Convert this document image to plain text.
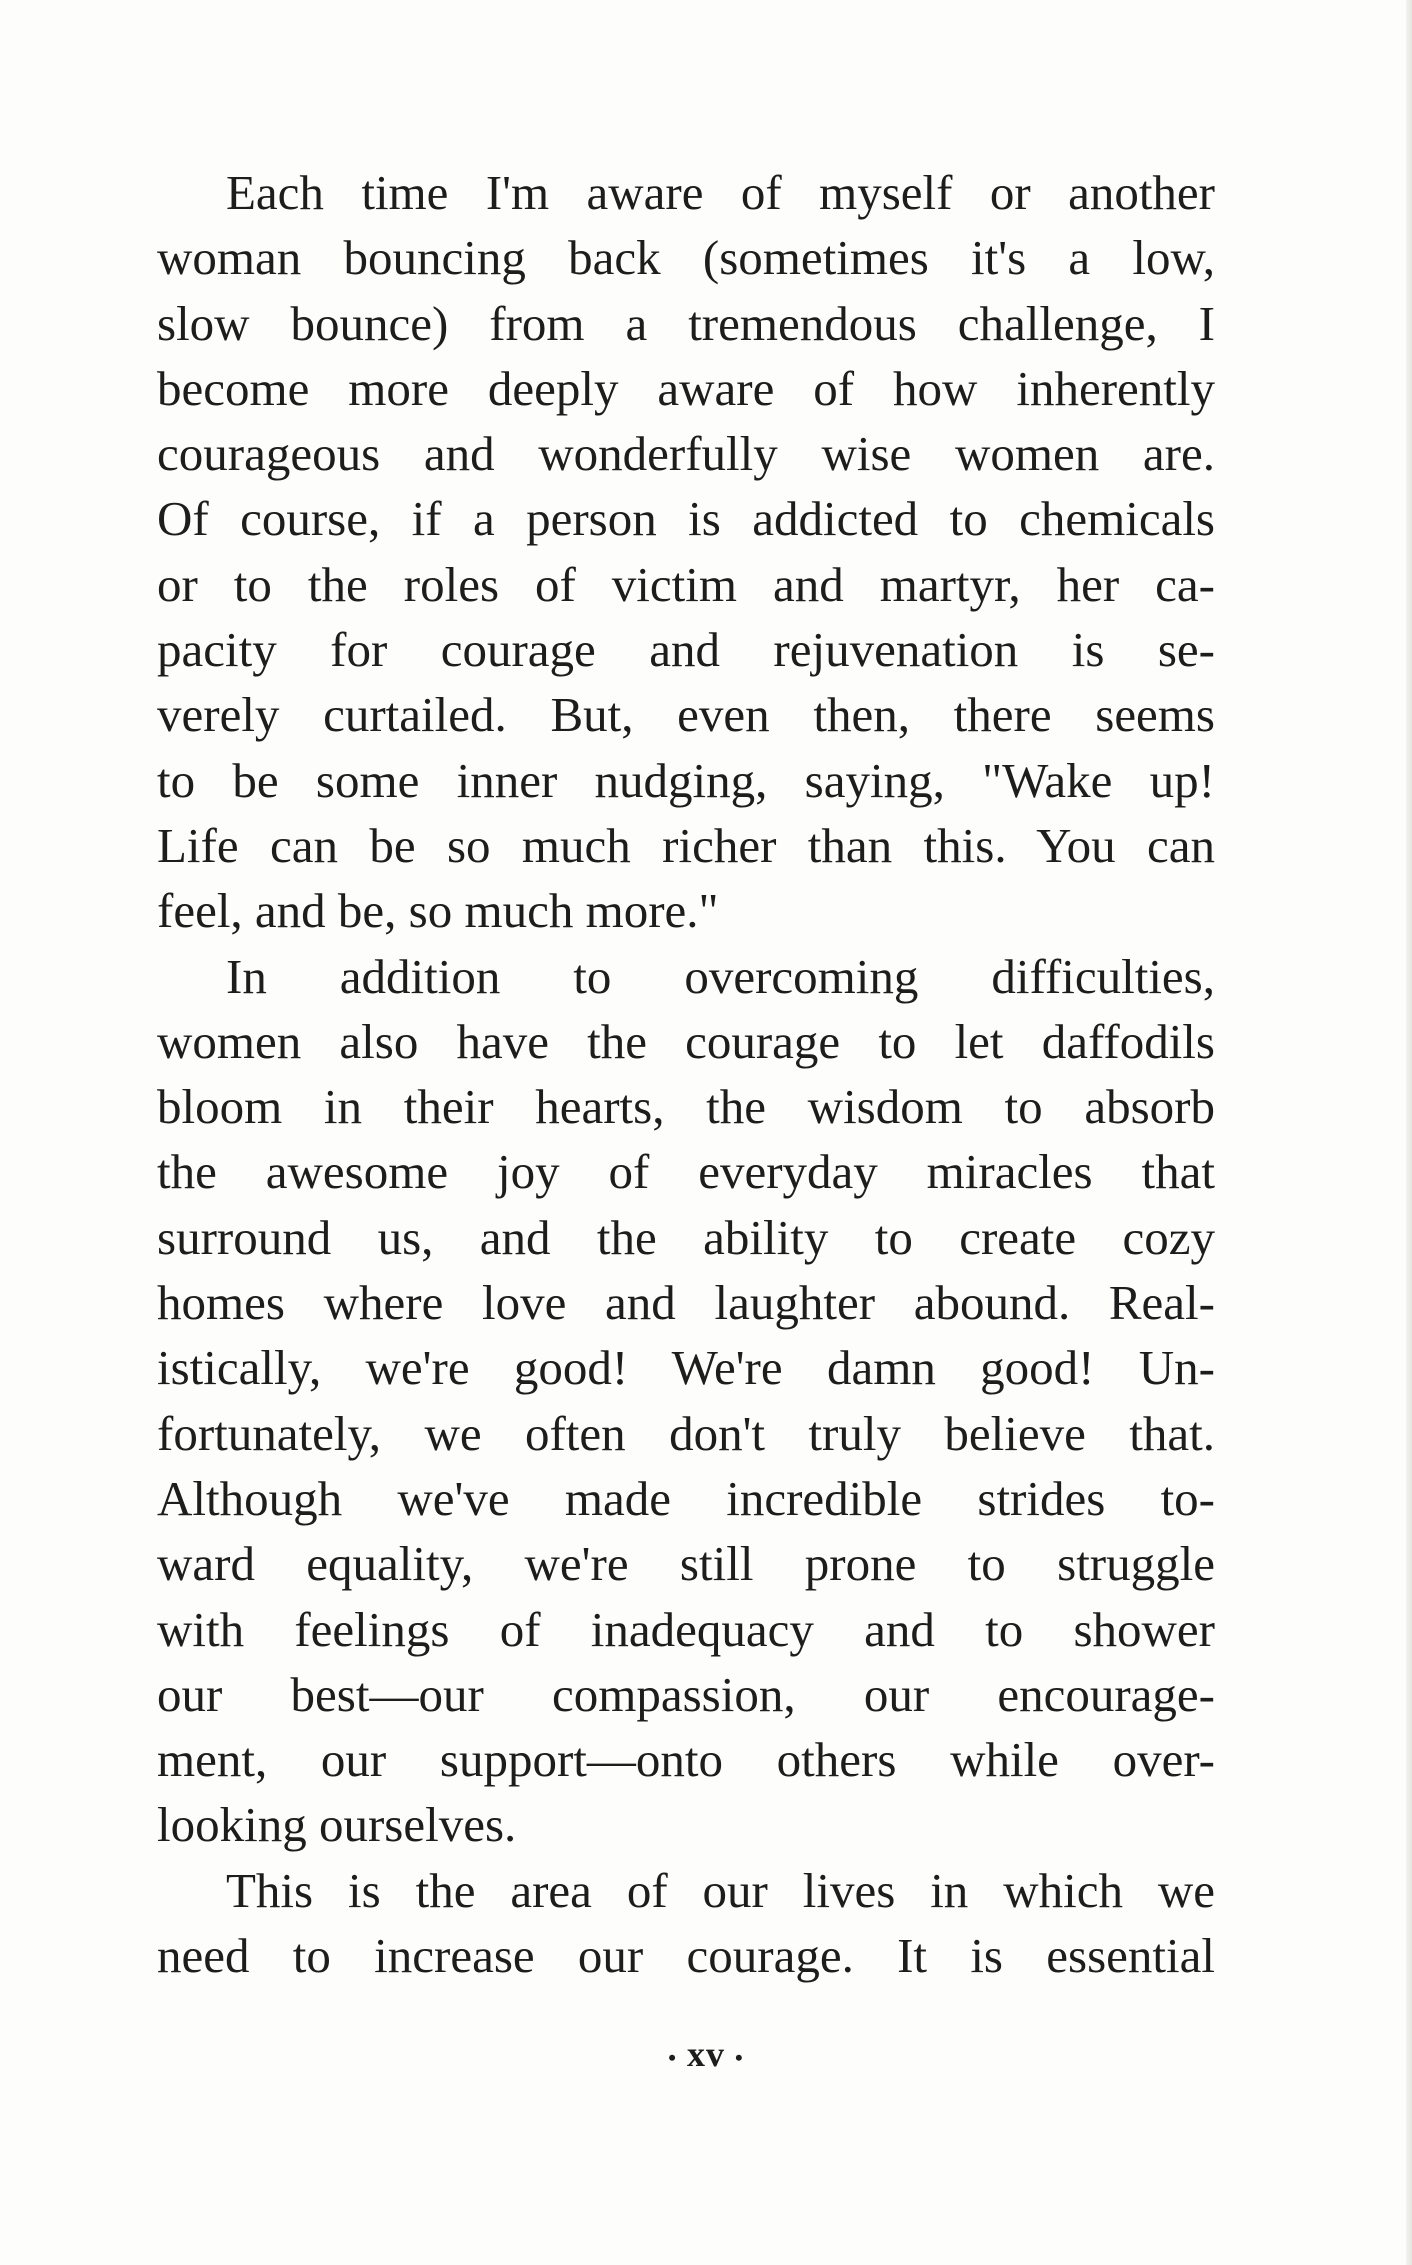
Each time I'm aware of myself or another
woman bouncing back (sometimes it's a low,
slow bounce) from a tremendous challenge, I
become more deeply aware of how inherently
courageous and wonderfully wise women are.
Of course, if a person is addicted to chemicals
or to the roles of victim and martyr, her ca-
pacity for courage and rejuvenation is se-
verely curtailed. But, even then, there seems
to be some inner nudging, saying, "Wake up!
Life can be so much richer than this. You can
feel, and be, so much more."
In addition to overcoming difficulties,
women also have the courage to let daffodils
bloom in their hearts, the wisdom to absorb
the awesome joy of everyday miracles that
surround us, and the ability to create cozy
homes where love and laughter abound. Real-
istically, we're good! We're damn good! Un-
fortunately, we often don't truly believe that.
Although we've made incredible strides to-
ward equality, we're still prone to struggle
with feelings of inadequacy and to shower
our best—our compassion, our encourage-
ment, our support—onto others while over-
looking ourselves.
This is the area of our lives in which we
need to increase our courage. It is essential
• xv •
